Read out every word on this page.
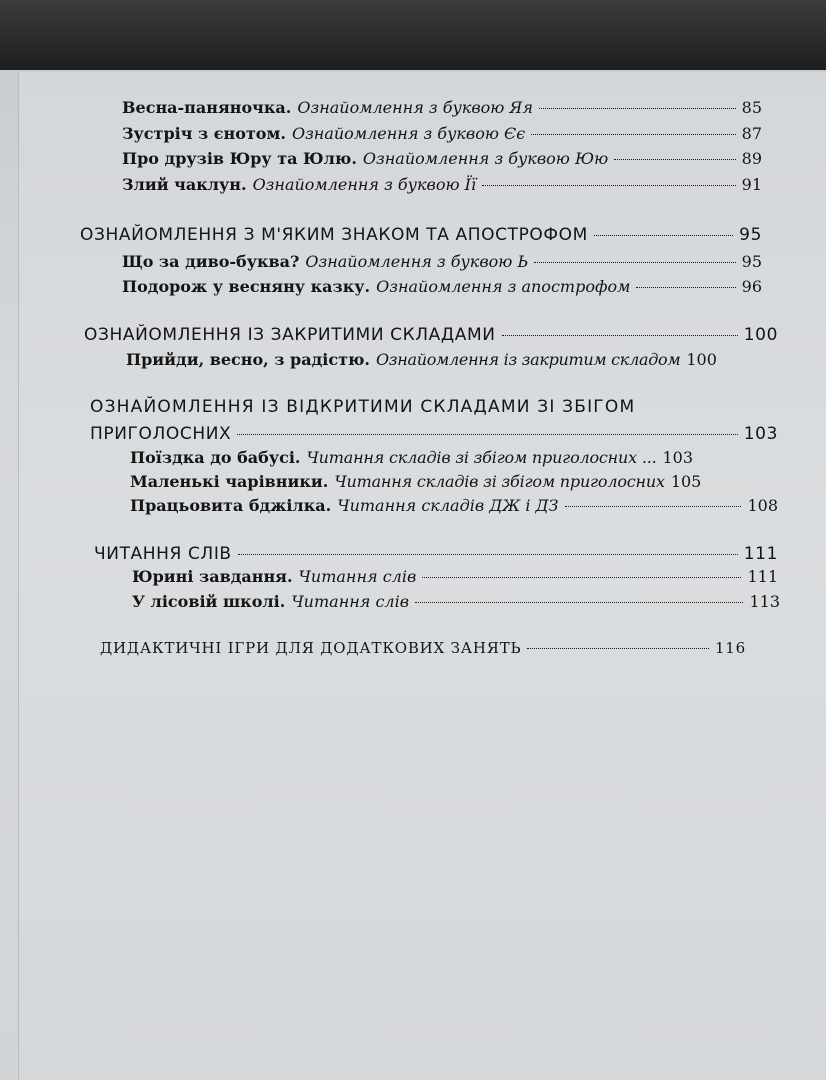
Весна-паняночка. Ознайомлення з буквою Яя	85
Зустріч з єнотом. Ознайомлення з буквою Єє	87
Про друзів Юру та Юлю. Ознайомлення з буквою Юю	89
Злий чаклун. Ознайомлення з буквою Її	91
ОЗНАЙОМЛЕННЯ З М'ЯКИМ ЗНАКОМ ТА АПОСТРОФОМ	95
Що за диво-буква? Ознайомлення з буквою Ь	95
Подорож у весняну казку. Ознайомлення з апострофом	96
ОЗНАЙОМЛЕННЯ ІЗ ЗАКРИТИМИ СКЛАДАМИ	100
Прийди, весно, з радістю. Ознайомлення із закритим складом 100
ОЗНАЙОМЛЕННЯ ІЗ ВІДКРИТИМИ СКЛАДАМИ ЗІ ЗБІГОМ
ПРИГОЛОСНИХ	103
Поїздка до бабусі. Читання складів зі збігом приголосних ... 103
Маленькі чарівники. Читання складів зі збігом приголосних 105
Працьовита бджілка. Читання складів ДЖ і ДЗ	108
ЧИТАННЯ СЛІВ	111
Юрині завдання. Читання слів	111
У лісовій школі. Читання слів	113
ДИДАКТИЧНІ ІГРИ ДЛЯ ДОДАТКОВИХ ЗАНЯТЬ	116
